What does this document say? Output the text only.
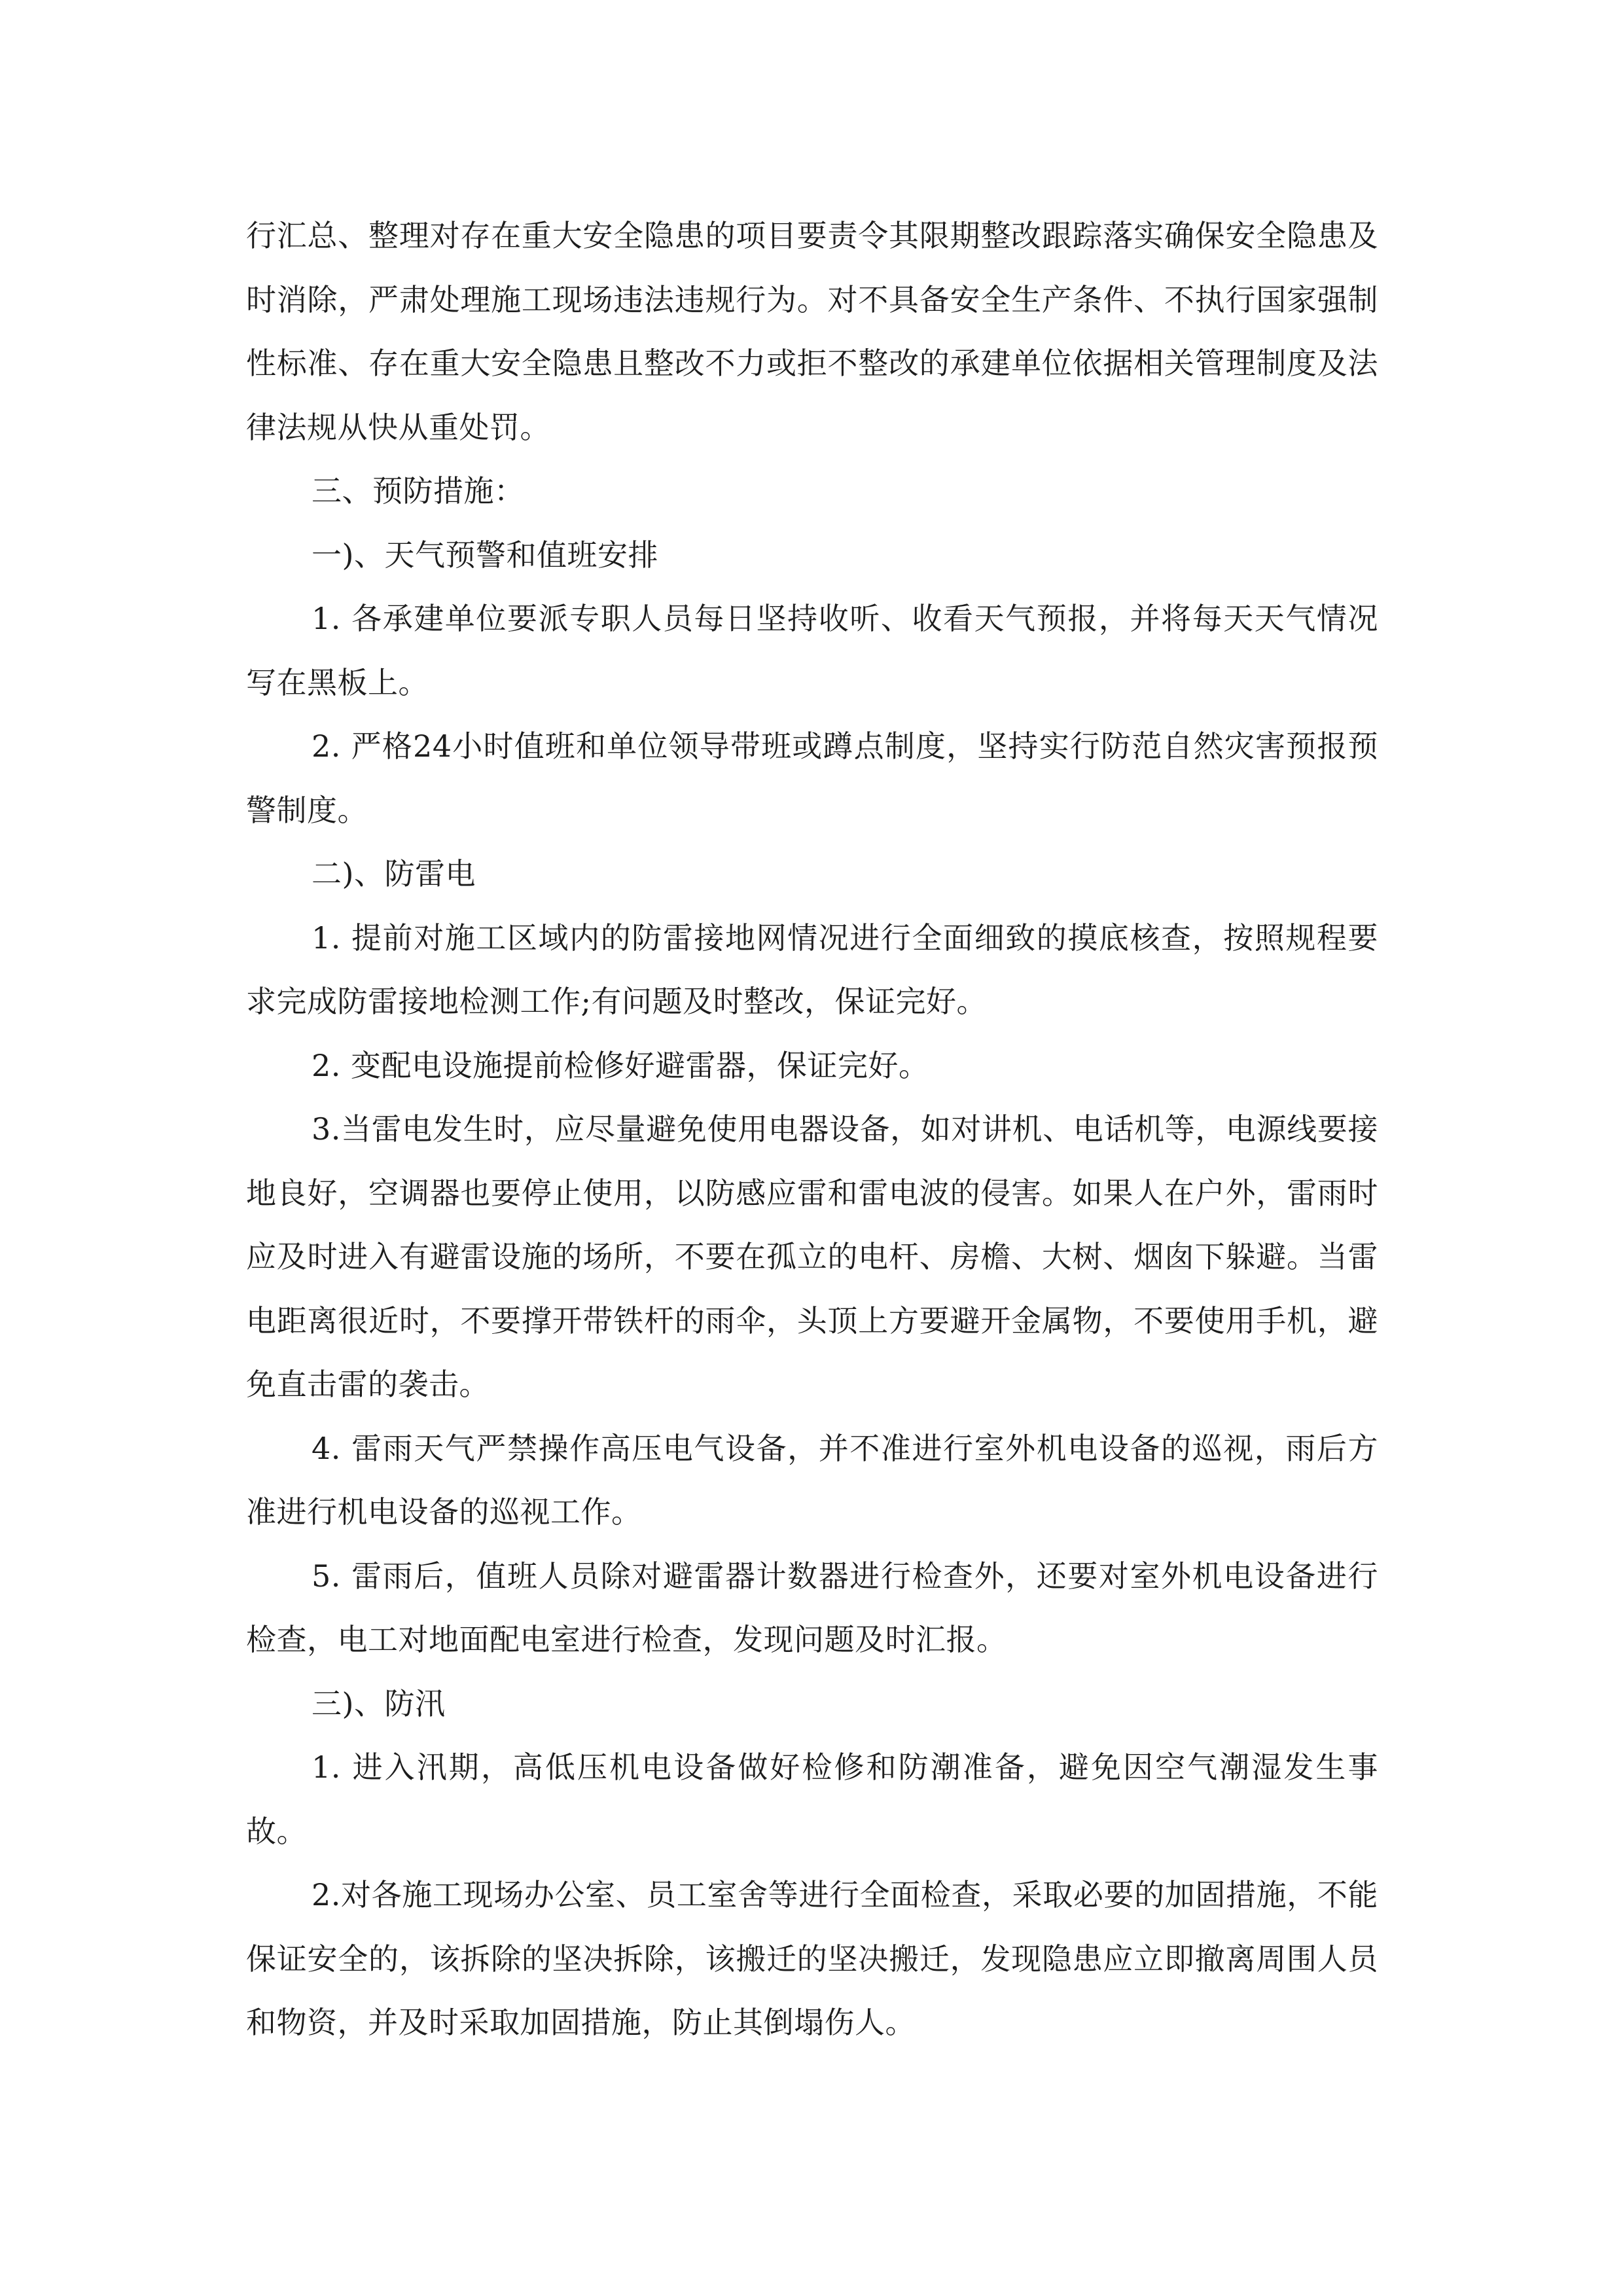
行汇总、整理对存在重大安全隐患的项目要责令其限期整改跟踪落实确保安全隐患及时消除，严肃处理施工现场违法违规行为。对不具备安全生产条件、不执行国家强制性标准、存在重大安全隐患且整改不力或拒不整改的承建单位依据相关管理制度及法律法规从快从重处罚。

三、预防措施：

一)、天气预警和值班安排

1. 各承建单位要派专职人员每日坚持收听、收看天气预报，并将每天天气情况写在黑板上。

2. 严格24小时值班和单位领导带班或蹲点制度，坚持实行防范自然灾害预报预警制度。

二)、防雷电

1. 提前对施工区域内的防雷接地网情况进行全面细致的摸底核查，按照规程要求完成防雷接地检测工作;有问题及时整改，保证完好。

2. 变配电设施提前检修好避雷器，保证完好。

3.当雷电发生时，应尽量避免使用电器设备，如对讲机、电话机等，电源线要接地良好，空调器也要停止使用，以防感应雷和雷电波的侵害。如果人在户外，雷雨时应及时进入有避雷设施的场所，不要在孤立的电杆、房檐、大树、烟囱下躲避。当雷电距离很近时，不要撑开带铁杆的雨伞，头顶上方要避开金属物，不要使用手机，避免直击雷的袭击。

4. 雷雨天气严禁操作高压电气设备，并不准进行室外机电设备的巡视，雨后方准进行机电设备的巡视工作。

5. 雷雨后，值班人员除对避雷器计数器进行检查外，还要对室外机电设备进行检查，电工对地面配电室进行检查，发现问题及时汇报。

三)、防汛

1. 进入汛期，高低压机电设备做好检修和防潮准备，避免因空气潮湿发生事故。

2.对各施工现场办公室、员工室舍等进行全面检查，采取必要的加固措施，不能保证安全的，该拆除的坚决拆除，该搬迁的坚决搬迁，发现隐患应立即撤离周围人员和物资，并及时采取加固措施，防止其倒塌伤人。
